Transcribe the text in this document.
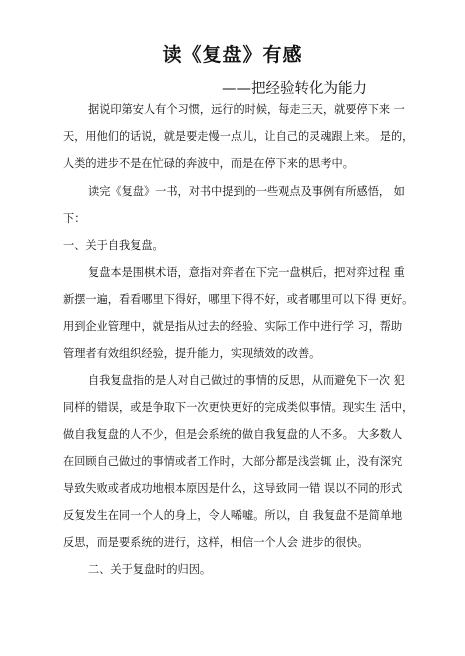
读《复盘》有感
——把经验转化为能力
据说印第安人有个习惯，远行的时候，每走三天，就要停下来 一
天，用他们的话说，就是要走慢一点儿，让自己的灵魂跟上来。 是的，
人类的进步不是在忙碌的奔波中，而是在停下来的思考中。
读完《复盘》一书，对书中提到的一些观点及事例有所感悟， 如
下：
一、关于自我复盘。
复盘本是围棋术语，意指对弈者在下完一盘棋后，把对弈过程 重
新摆一遍，看看哪里下得好，哪里下得不好，或者哪里可以下得 更好。
用到企业管理中，就是指从过去的经验、实际工作中进行学 习，帮助
管理者有效组织经验，提升能力，实现绩效的改善。
自我复盘指的是人对自己做过的事情的反思，从而避免下一次 犯
同样的错误，或是争取下一次更快更好的完成类似事情。现实生 活中，
做自我复盘的人不少，但是会系统的做自我复盘的人不多。 大多数人
在回顾自己做过的事情或者工作时，大部分都是浅尝辄 止，没有深究
导致失败或者成功地根本原因是什么，这导致同一错 误以不同的形式
反复发生在同一个人的身上，令人唏嘘。所以，自 我复盘不是简单地
反思，而是要系统的进行，这样，相信一个人会 进步的很快。
二、关于复盘时的归因。
